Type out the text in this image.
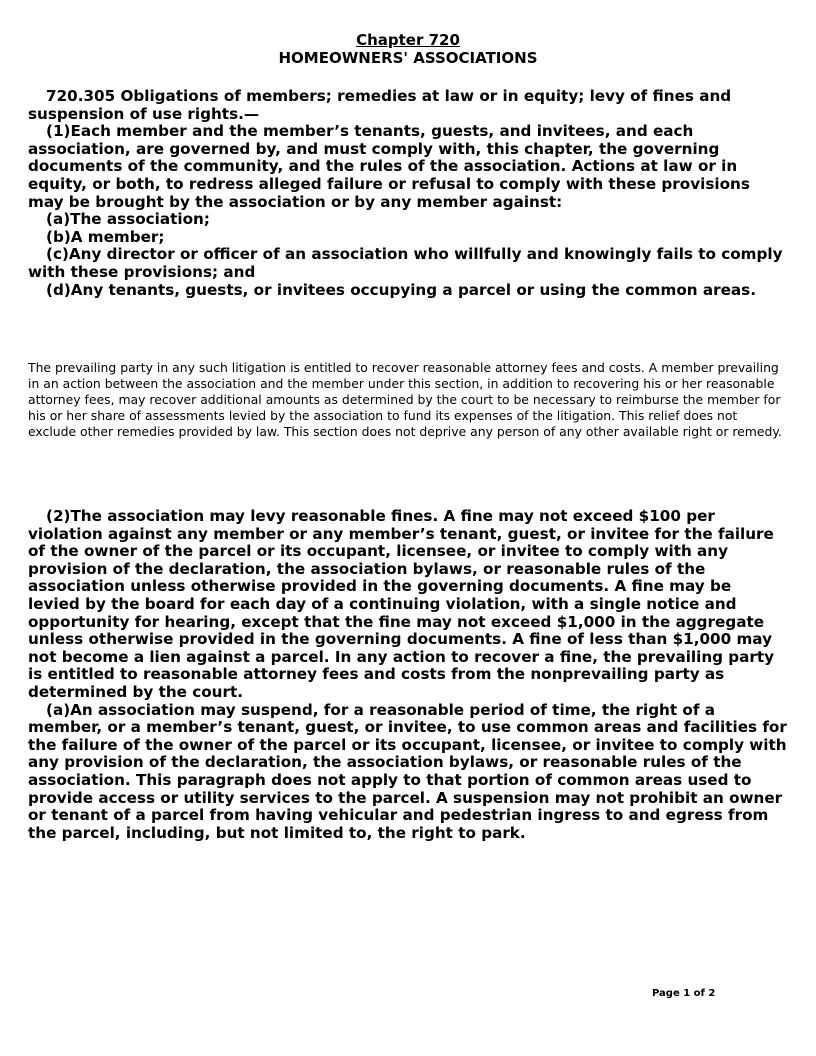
Chapter 720
HOMEOWNERS' ASSOCIATIONS

720.305 Obligations of members; remedies at law or in equity; levy of fines and suspension of use rights.—

(1)Each member and the member’s tenants, guests, and invitees, and each association, are governed by, and must comply with, this chapter, the governing documents of the community, and the rules of the association. Actions at law or in equity, or both, to redress alleged failure or refusal to comply with these provisions may be brought by the association or by any member against:

(a)The association;

(b)A member;

(c)Any director or officer of an association who willfully and knowingly fails to comply with these provisions; and

(d)Any tenants, guests, or invitees occupying a parcel or using the common areas.

The prevailing party in any such litigation is entitled to recover reasonable attorney fees and costs. A member prevailing in an action between the association and the member under this section, in addition to recovering his or her reasonable attorney fees, may recover additional amounts as determined by the court to be necessary to reimburse the member for his or her share of assessments levied by the association to fund its expenses of the litigation. This relief does not exclude other remedies provided by law. This section does not deprive any person of any other available right or remedy.

(2)The association may levy reasonable fines. A fine may not exceed $100 per violation against any member or any member’s tenant, guest, or invitee for the failure of the owner of the parcel or its occupant, licensee, or invitee to comply with any provision of the declaration, the association bylaws, or reasonable rules of the association unless otherwise provided in the governing documents. A fine may be levied by the board for each day of a continuing violation, with a single notice and opportunity for hearing, except that the fine may not exceed $1,000 in the aggregate unless otherwise provided in the governing documents. A fine of less than $1,000 may not become a lien against a parcel. In any action to recover a fine, the prevailing party is entitled to reasonable attorney fees and costs from the nonprevailing party as determined by the court.

(a)An association may suspend, for a reasonable period of time, the right of a member, or a member’s tenant, guest, or invitee, to use common areas and facilities for the failure of the owner of the parcel or its occupant, licensee, or invitee to comply with any provision of the declaration, the association bylaws, or reasonable rules of the association. This paragraph does not apply to that portion of common areas used to provide access or utility services to the parcel. A suspension may not prohibit an owner or tenant of a parcel from having vehicular and pedestrian ingress to and egress from the parcel, including, but not limited to, the right to park.

Page 1 of 2
